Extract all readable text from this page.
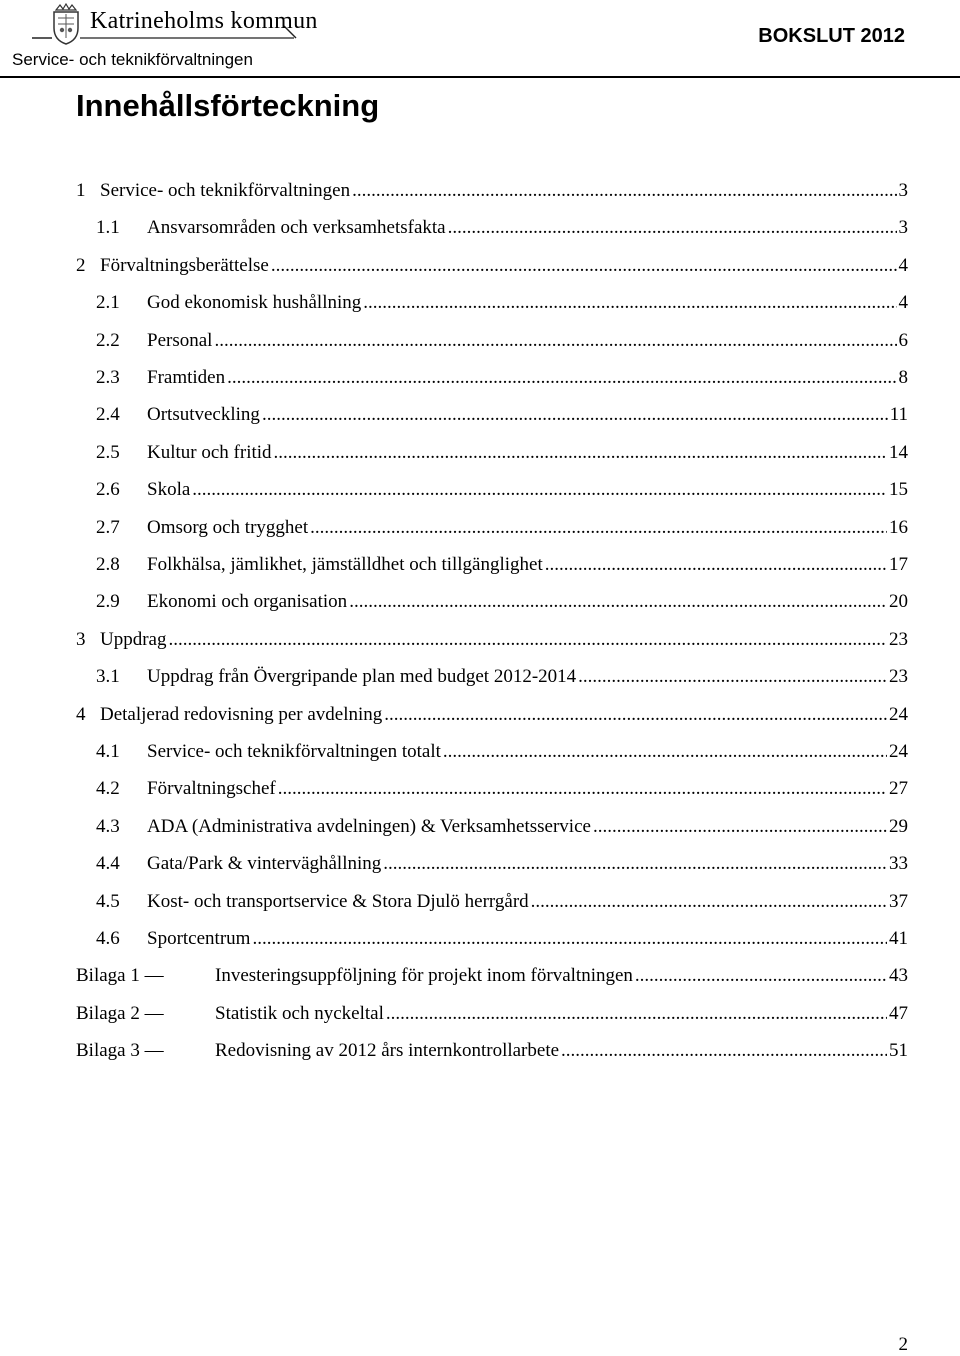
Katrineholms kommun
Service- och teknikförvaltningen
BOKSLUT 2012
Innehållsförteckning
1 Service- och teknikförvaltningen .....	3
1.1 Ansvarsområden och verksamhetsfakta .....	3
2 Förvaltningsberättelse .....	4
2.1 God ekonomisk hushållning .....	4
2.2 Personal .....	6
2.3 Framtiden .....	8
2.4 Ortsutveckling .....	11
2.5 Kultur och fritid .....	14
2.6 Skola .....	15
2.7 Omsorg och trygghet .....	16
2.8 Folkhälsa, jämlikhet, jämställdhet och tillgänglighet .....	17
2.9 Ekonomi och organisation .....	20
3 Uppdrag .....	23
3.1 Uppdrag från Övergripande plan med budget 2012-2014 .....	23
4 Detaljerad redovisning per avdelning .....	24
4.1 Service- och teknikförvaltningen totalt .....	24
4.2 Förvaltningschef .....	27
4.3 ADA (Administrativa avdelningen) & Verksamhetsservice .....	29
4.4 Gata/Park & vinterväghållning .....	33
4.5 Kost- och transportservice & Stora Djulö herrgård .....	37
4.6 Sportcentrum .....	41
Bilaga 1 —	Investeringsuppföljning för projekt inom förvaltningen .....	43
Bilaga 2 —	Statistik och nyckeltal .....	47
Bilaga 3 —	Redovisning av 2012 års internkontrollarbete .....	51
2
